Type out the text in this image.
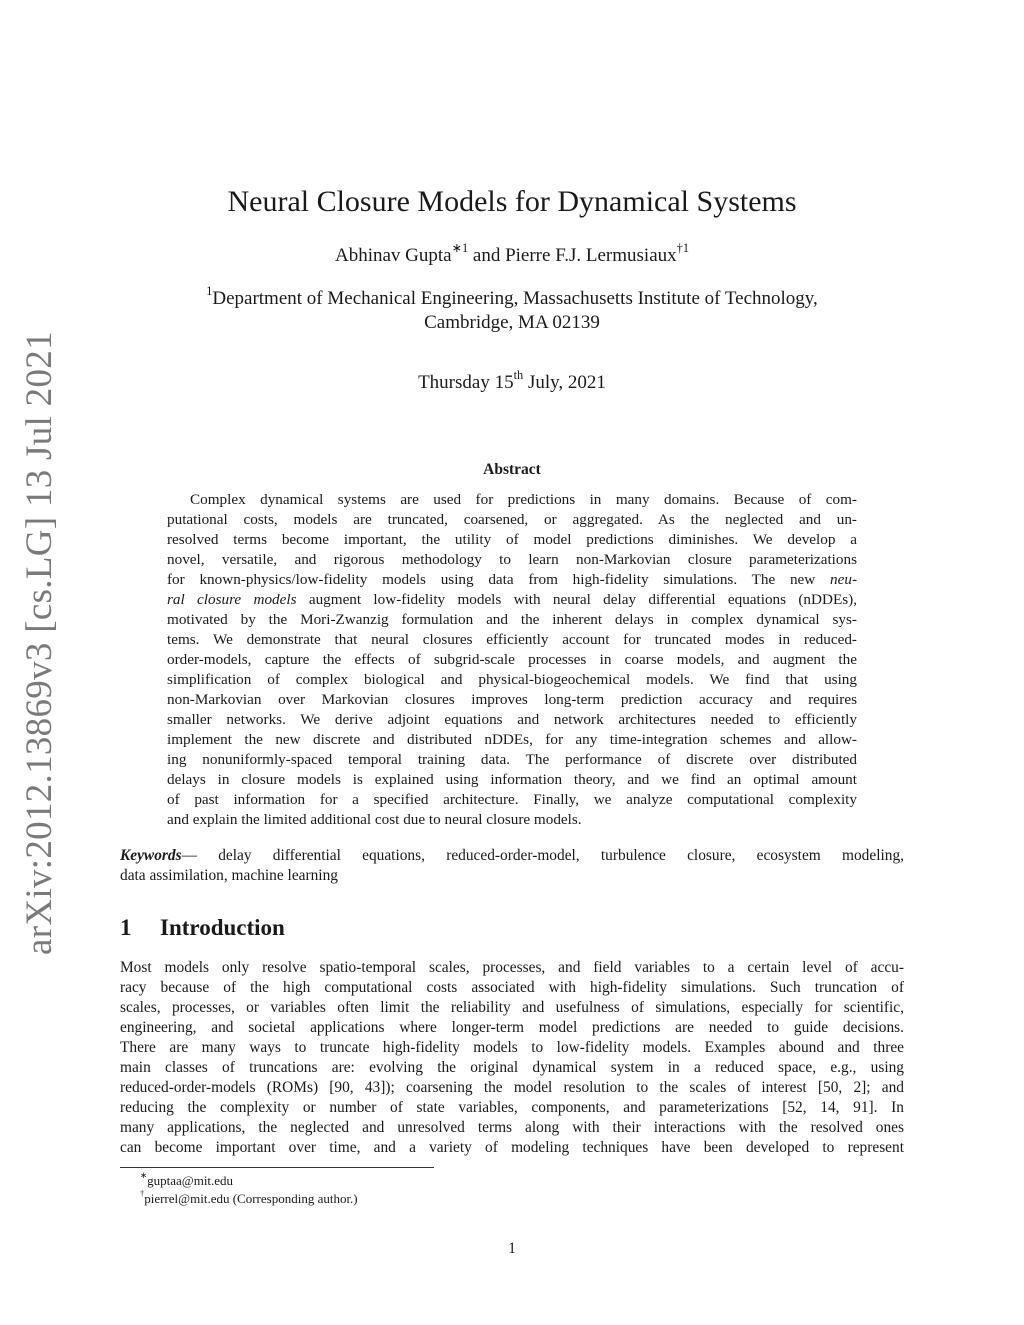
arXiv:2012.13869v3 [cs.LG] 13 Jul 2021
Neural Closure Models for Dynamical Systems
Abhinav Gupta$^{∗1}$ and Pierre F.J. Lermusiaux$^{\dagger 1}$
$^1$Department of Mechanical Engineering, Massachusetts Institute of Technology,
Cambridge, MA 02139
Thursday 15th July, 2021
Abstract
Complex dynamical systems are used for predictions in many domains. Because of com-
putational costs, models are truncated, coarsened, or aggregated. As the neglected and un-
resolved terms become important, the utility of model predictions diminishes. We develop a
novel, versatile, and rigorous methodology to learn non-Markovian closure parameterizations
for known-physics/low-fidelity models using data from high-fidelity simulations. The new neu-
ral closure models augment low-fidelity models with neural delay differential equations (nDDEs),
motivated by the Mori-Zwanzig formulation and the inherent delays in complex dynamical sys-
tems. We demonstrate that neural closures efficiently account for truncated modes in reduced-
order-models, capture the effects of subgrid-scale processes in coarse models, and augment the
simplification of complex biological and physical-biogeochemical models. We find that using
non-Markovian over Markovian closures improves long-term prediction accuracy and requires
smaller networks. We derive adjoint equations and network architectures needed to efficiently
implement the new discrete and distributed nDDEs, for any time-integration schemes and allow-
ing nonuniformly-spaced temporal training data. The performance of discrete over distributed
delays in closure models is explained using information theory, and we find an optimal amount
of past information for a specified architecture. Finally, we analyze computational complexity
and explain the limited additional cost due to neural closure models.
Keywords— delay differential equations, reduced-order-model, turbulence closure, ecosystem modeling,
data assimilation, machine learning
1 Introduction
Most models only resolve spatio-temporal scales, processes, and field variables to a certain level of accu-
racy because of the high computational costs associated with high-fidelity simulations. Such truncation of
scales, processes, or variables often limit the reliability and usefulness of simulations, especially for scientific,
engineering, and societal applications where longer-term model predictions are needed to guide decisions.
There are many ways to truncate high-fidelity models to low-fidelity models. Examples abound and three
main classes of truncations are: evolving the original dynamical system in a reduced space, e.g., using
reduced-order-models (ROMs) [90, 43]); coarsening the model resolution to the scales of interest [50, 2]; and
reducing the complexity or number of state variables, components, and parameterizations [52, 14, 91]. In
many applications, the neglected and unresolved terms along with their interactions with the resolved ones
can become important over time, and a variety of modeling techniques have been developed to represent
∗guptaa@mit.edu
†pierrel@mit.edu (Corresponding author.)
1
